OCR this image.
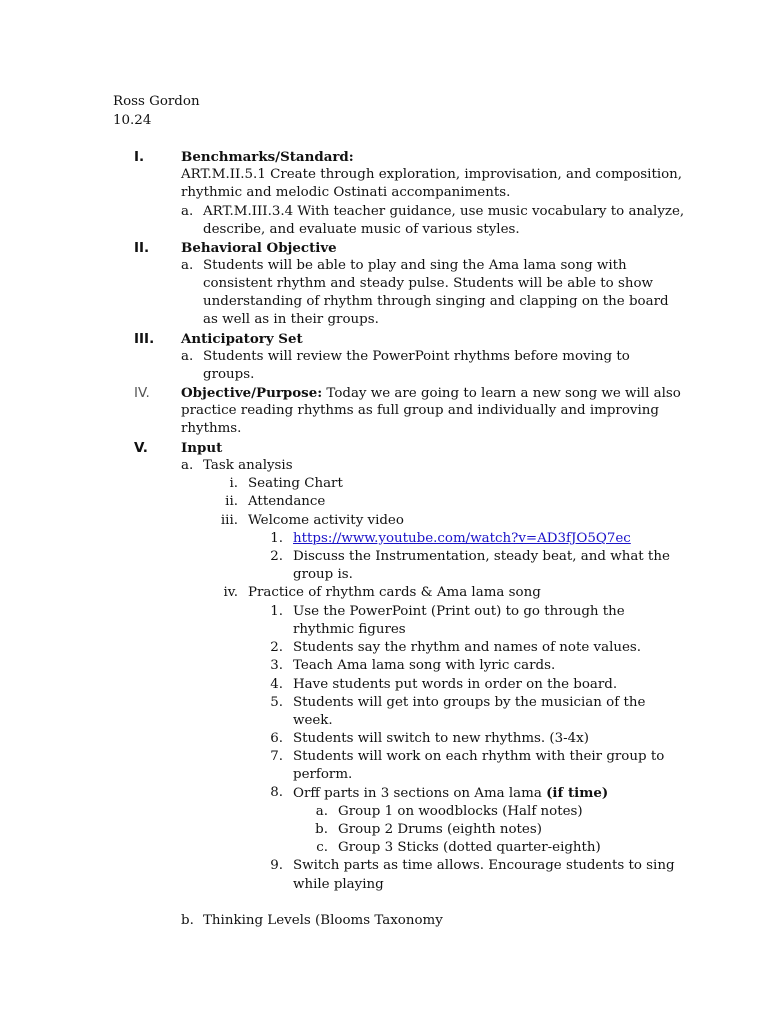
Ross Gordon
10.24
I.	Benchmarks/Standard:
ART.M.II.5.1 Create through exploration, improvisation, and composition,
rhythmic and melodic Ostinati accompaniments.
a. ART.M.III.3.4 With teacher guidance, use music vocabulary to analyze,
describe, and evaluate music of various styles.
II. Behavioral Objective
a. Students will be able to play and sing the Ama lama song with
consistent rhythm and steady pulse. Students will be able to show
understanding of rhythm through singing and clapping on the board
as well as in their groups.
III. Anticipatory Set
a. Students will review the PowerPoint rhythms before moving to
groups.
IV. Objective/Purpose: Today we are going to learn a new song we will also
practice reading rhythms as full group and individually and improving
rhythms.
V. Input
a. Task analysis
i. Seating Chart
ii. Attendance
iii. Welcome activity video
1. https://www.youtube.com/watch?v=AD3fJO5Q7ec
2. Discuss the Instrumentation, steady beat, and what the
group is.
iv. Practice of rhythm cards & Ama lama song
1. Use the PowerPoint (Print out) to go through the
rhythmic figures
2. Students say the rhythm and names of note values.
3. Teach Ama lama song with lyric cards.
4. Have students put words in order on the board.
5. Students will get into groups by the musician of the
week.
6. Students will switch to new rhythms. (3-4x)
7. Students will work on each rhythm with their group to
perform.
8. Orff parts in 3 sections on Ama lama (if time)
a. Group 1 on woodblocks (Half notes)
b. Group 2 Drums (eighth notes)
c. Group 3 Sticks (dotted quarter-eighth)
9. Switch parts as time allows. Encourage students to sing
while playing
b. Thinking Levels (Blooms Taxonomy
